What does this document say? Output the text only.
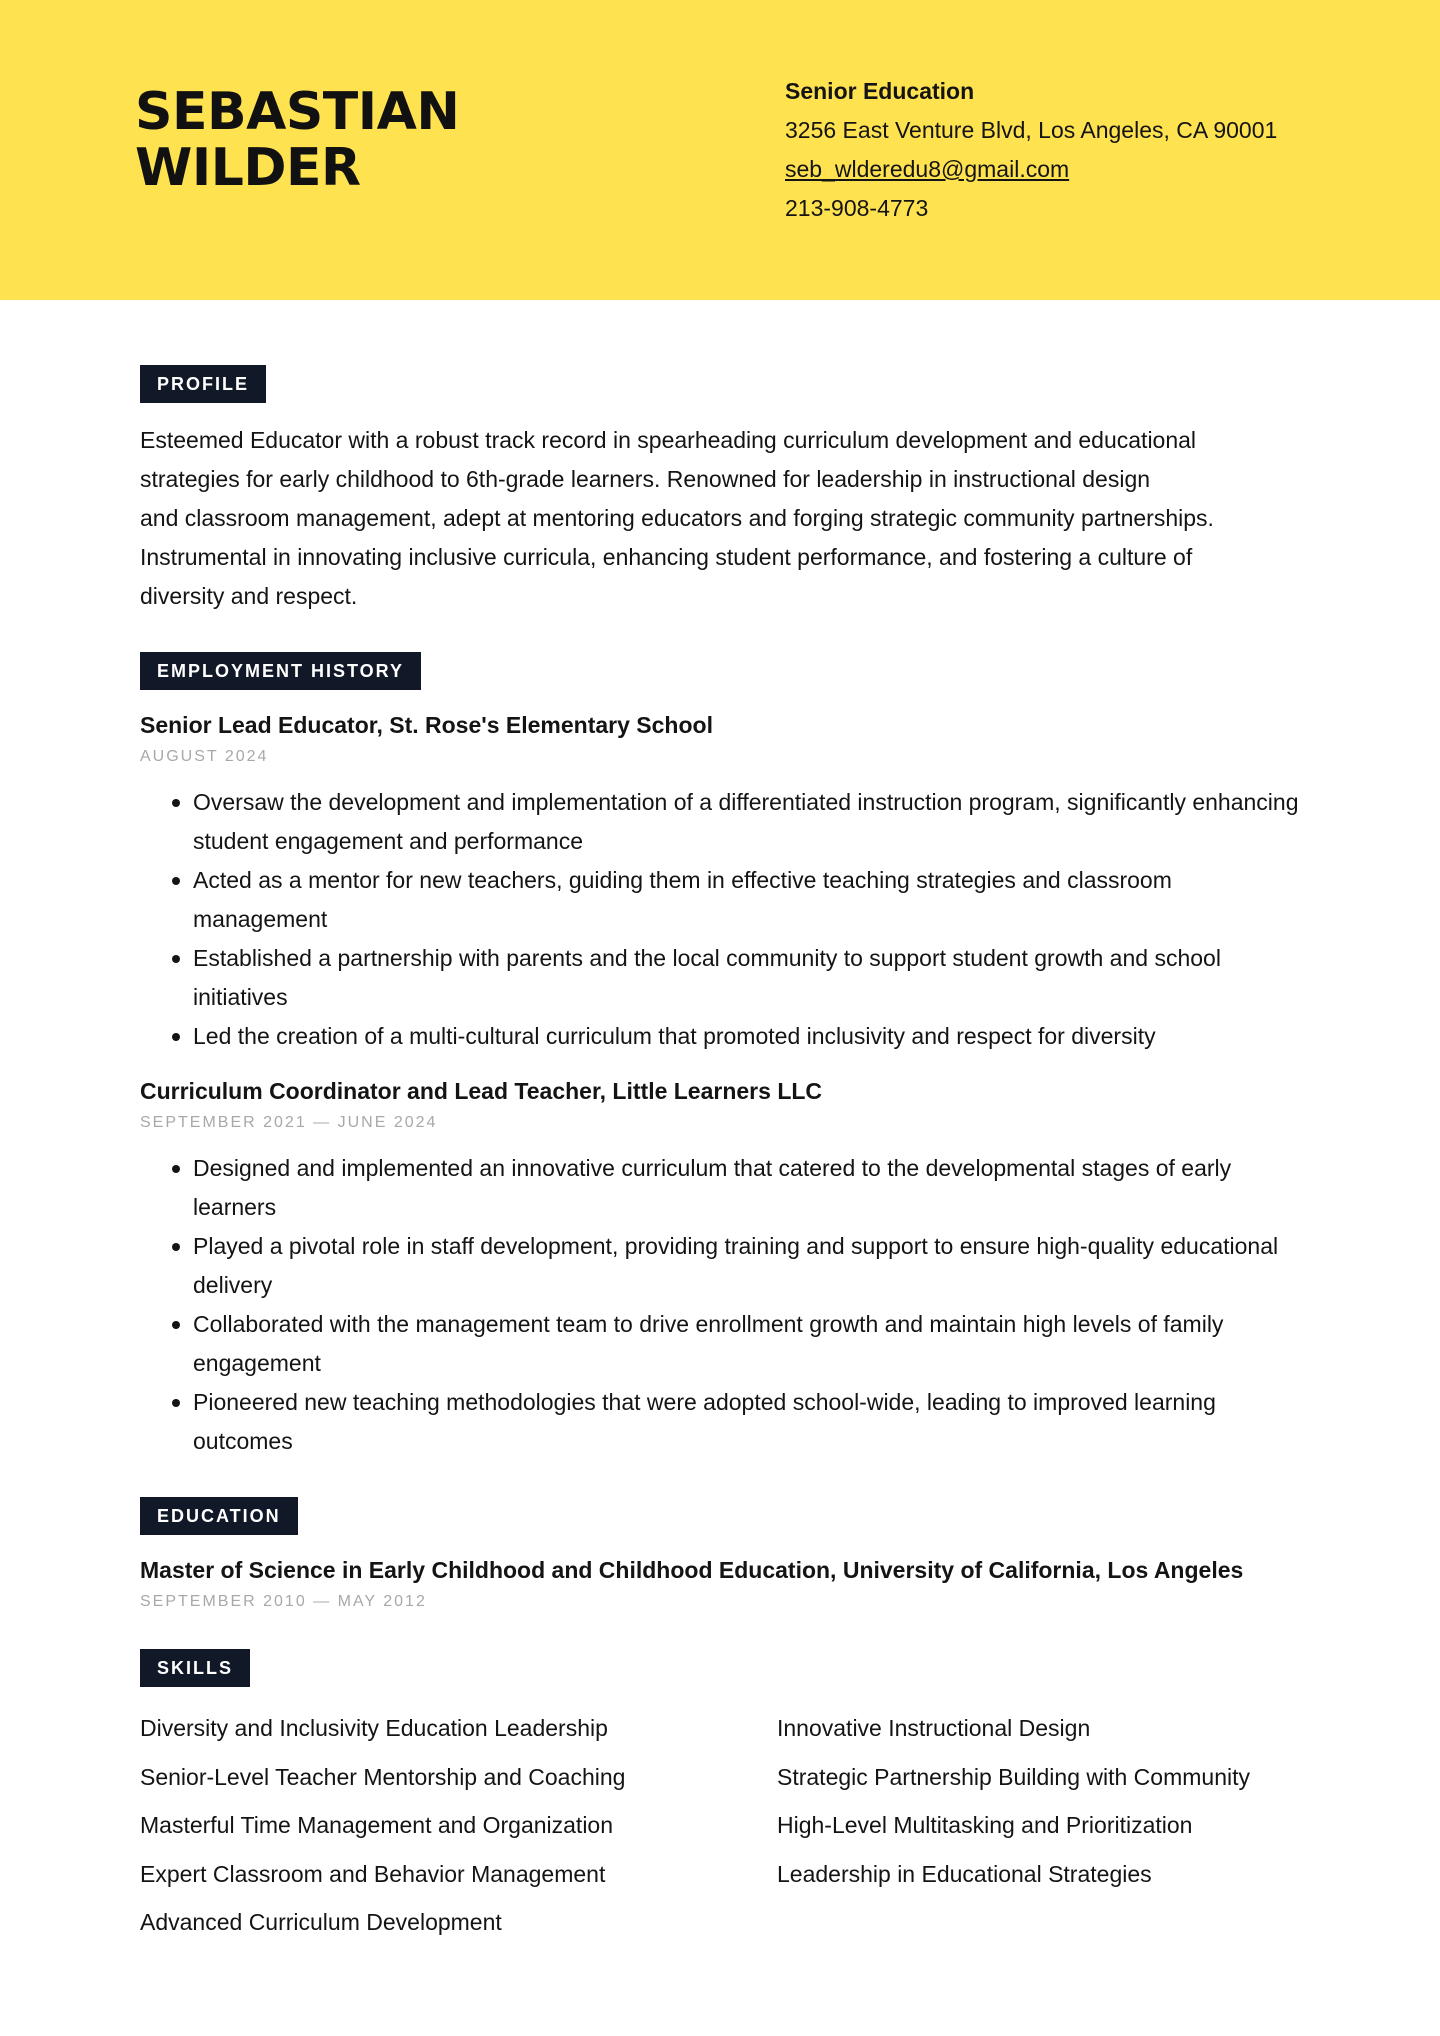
SEBASTIAN
WILDER
Senior Education
3256 East Venture Blvd, Los Angeles, CA 90001
seb_wlderedu8@gmail.com
213-908-4773
PROFILE
Esteemed Educator with a robust track record in spearheading curriculum development and educational
strategies for early childhood to 6th-grade learners. Renowned for leadership in instructional design
and classroom management, adept at mentoring educators and forging strategic community partnerships.
Instrumental in innovating inclusive curricula, enhancing student performance, and fostering a culture of
diversity and respect.
EMPLOYMENT HISTORY
Senior Lead Educator, St. Rose's Elementary School
AUGUST 2024
Oversaw the development and implementation of a differentiated instruction program, significantly enhancing student engagement and performance
Acted as a mentor for new teachers, guiding them in effective teaching strategies and classroom management
Established a partnership with parents and the local community to support student growth and school initiatives
Led the creation of a multi-cultural curriculum that promoted inclusivity and respect for diversity
Curriculum Coordinator and Lead Teacher, Little Learners LLC
SEPTEMBER 2021 — JUNE 2024
Designed and implemented an innovative curriculum that catered to the developmental stages of early learners
Played a pivotal role in staff development, providing training and support to ensure high-quality educational delivery
Collaborated with the management team to drive enrollment growth and maintain high levels of family engagement
Pioneered new teaching methodologies that were adopted school-wide, leading to improved learning outcomes
EDUCATION
Master of Science in Early Childhood and Childhood Education, University of California, Los Angeles
SEPTEMBER 2010 — MAY 2012
SKILLS
Diversity and Inclusivity Education Leadership	Innovative Instructional Design
Senior-Level Teacher Mentorship and Coaching	Strategic Partnership Building with Community
Masterful Time Management and Organization	High-Level Multitasking and Prioritization
Expert Classroom and Behavior Management	Leadership in Educational Strategies
Advanced Curriculum Development
